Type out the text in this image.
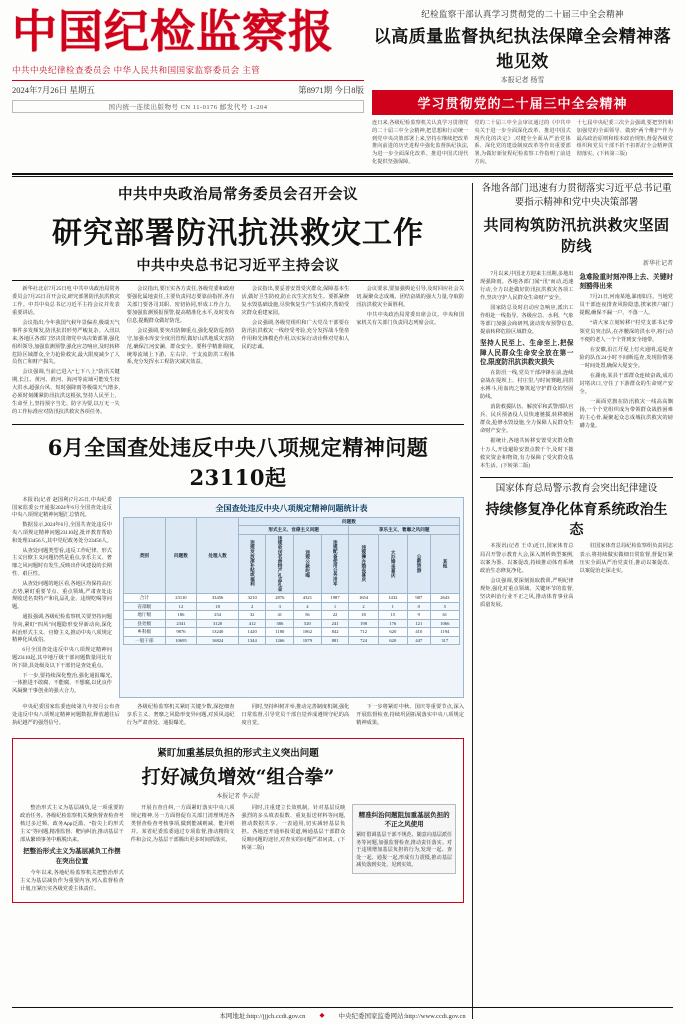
中国纪检监察报
中共中央纪律检查委员会 中华人民共和国国家监察委员会 主管
2024年7月26日 星期五	第8971期 今日8版
国内统一连续出版物号 CN 11-0176 邮发代号 1-204
纪检监察干部认真学习贯彻党的二十届三中全会精神
以高质量监督执纪执法保障全会精神落地见效
本报记者 杨雪
学习贯彻党的二十届三中全会精神
连日来,各级纪检监察机关认真学习贯彻党的二十届三中全会精神,把思想和行动统一到党中央决策部署上来,坚持在继续把改革推向前进的历史进程中强化监督执纪执法,为进一步全面深化改革、推进中国式现代化提供坚强保障。
党的二十届三中全会审议通过的《中共中央关于进一步全面深化改革、推进中国式现代化的决定》,对健全全面从严治党体系、深化党的建设制度改革等作出重要部署,为做好新征程纪检监察工作指明了前进方向。
十七届中央纪委三次全会强调,要把坚持和加强党的全面领导、做到“两个维护”作为最高政治原则和根本政治规矩,督促各级党组织和党员干部不折不扣抓好全会精神贯彻落实。(下转第三版)
中共中央政治局常务委员会召开会议
研究部署防汛抗洪救灾工作
中共中央总书记习近平主持会议
新华社北京7月25日电 中共中央政治局常务委员会7月25日召开会议,研究部署防汛抗洪救灾工作。中共中央总书记习近平主持会议并发表重要讲话。
会议指出,今年我国气候年景偏差,极端天气事件多发频发,防汛抗洪形势严峻复杂。入汛以来,各地区各部门坚决贯彻党中央决策部署,强化组织领导,加强监测预警,强化应急响应,及时转移危险区域群众,全力抢险救灾,最大限度减少了人员伤亡和财产损失。
会议强调,当前已进入“七下八上”防汛关键期,长江、黄河、淮河、海河等流域可能发生较大洪水,超强台风、短时强降雨等极端天气增多,必须时刻绷紧防汛抗洪这根弦,坚持人民至上、生命至上,坚持预字当先、防字为要,以万无一失的工作标准应对防汛抗洪救灾各项任务。
会议指出,要压实各方责任,各级党委和政府要强化属地责任,主要负责同志要靠前指挥,各有关部门要各司其职、密切协同,形成工作合力。要加强监测预报预警,提高精准化水平,及时发布信息,提醒群众做好防范。
会议强调,要突出防御重点,强化堤防巡查防守,加强水库安全度汛管理,做好山洪地质灾害防范,确保江河安澜、群众安全。要科学精准调度,统筹流域上下游、左右岸、干支流防洪工程体系,充分发挥水工程防灾减灾效益。
会议指出,要妥善安置受灾群众,保障基本生活,做好卫生防疫,防止次生灾害发生。要抓紧修复水毁基础设施,尽快恢复生产生活秩序,帮助受灾群众重建家园。
会议强调,各级党组织和广大党员干部要在防汛抗洪救灾一线经受考验,充分发挥战斗堡垒作用和先锋模范作用,以实际行动诠释对党和人民的忠诚。
会议要求,要加强舆论引导,及时回应社会关切,凝聚众志成城、团结奋战的强大力量,夺取防汛抗洪救灾全面胜利。
中共中央政治局常委出席会议。中央和国家机关有关部门负责同志列席会议。
6月全国查处违反中央八项规定精神问题23110起
本报讯(记者 赵国利)7月25日,中央纪委国家监委公开通报2024年6月全国查处违反中央八项规定精神问题汇总情况。
数据显示,2024年6月,全国共查处违反中央八项规定精神问题23110起,批评教育帮助和处理33456人,其中党纪政务处分23456人。
从查处问题类型看,违反工作纪律、形式主义官僚主义问题仍然是重点,享乐主义、奢靡之风问题时有发生,反映出作风建设的长期性、艰巨性。
从查处问题的地区看,各地区均保持高压态势,紧盯重要节点、重点领域,严肃查处违规收送名贵特产和礼品礼金、违规吃喝等问题。
通报强调,各级纪检监察机关要坚持问题导向,紧盯“四风”问题隐形变异新动向,深化纠治形式主义、官僚主义,推动中央八项规定精神化风成俗。
6月全国查处违反中央八项规定精神问题23110起,其中地厅级干部问题数量同比有所下降,县处级及以下干部仍是查处重点。
下一步,要持续深化整治,强化通报曝光,一体推进不敢腐、不能腐、不想腐,以优良作风凝聚干事创业的强大合力。
全国查处违反中央八项规定精神问题统计表
类别	问题数	处理人数	问题数							
			形式主义、官僚主义问题				享乐主义、奢靡之风问题			
			违规发放津补贴或福利	违规收送名贵特产礼品礼金	违规公款吃喝	违规配备使用公务用车	违规操办婚丧喜庆	大办婚丧喜庆	公款旅游	其他
合计	23110	33456	3210	2876	4321	1987	1654	1432	987	2643
省部级	12	18	2	3	4	1	2	1	0	5
地厅级	186	254	32	41	56	22	18	15	9	61
县处级	2341	3120	412	386	520	241	198	176	121	1066
乡科级	9876	13240	1420	1180	1862	842	712	620	410	1194
一般干部	10695	16824	1344	1266	1879	881	724	620	447	317
中央纪委国家监委连续第九年按月公布查处违反中央八项规定精神问题数据,释放越往后执纪越严的强烈信号。
各级纪检监察机关紧盯关键少数,深挖细查享乐主义、奢靡之风隐形变异问题,对顶风违纪行为严肃查处、通报曝光。
同时,坚持纠树并举,推动完善制度机制,强化日常监督,引导党员干部自觉养成遵规守纪的高度自觉。
下一步将紧盯中秋、国庆等重要节点,深入开展监督检查,持续巩固拓展落实中央八项规定精神成果。
紧盯加重基层负担的形式主义突出问题
打好减负增效“组合拳”
本报记者 李云舒
整治形式主义为基层减负,是一项重要的政治任务。各级纪检监察机关聚焦督查检查考核过多过频、政务App泛滥、“指尖上的形式主义”等问题,精准监督、靶向纠治,推动基层干部从繁琐事务中解脱出来。
把整治形式主义为基层减负工作摆在突出位置
今年以来,各地纪检监察机关把整治形式主义为基层减负作为重要内容,列入监督检查计划,压紧压实各级党委主体责任。
开展自查自纠,一方面紧盯落实中央八项规定精神,另一方面督促有关部门清理规范各类督查检查考核事项,做到能减则减、能并则并。某省纪委监委通过专项监督,推动精简文件和会议,为基层干部腾出更多时间抓落实。
同时,注重建立长效机制。针对基层反映强烈的多头填表报数、重复报送材料等问题,推动数据共享、一表通用,切实减轻基层负担。各地还开通举报渠道,畅通基层干部群众反映问题的途径,对查实的问题严肃问责。(下转第二版)
精准纠治问题阻加重基层负担的不正之风使用
紧盯借调基层干部不规范、随意向基层派任务等问题,加强监督检查,推动责任落实。对于违规增加基层负担的行为,发现一起、查处一起、通报一起,形成有力震慑,推动基层减负落到实处、见到实效。
各地各部门迅速有力贯彻落实习近平总书记重要指示精神和党中央决策部署
共同构筑防汛抗洪救灾坚固防线
新华社记者
7月以来,中国北方迎来主汛期,多地出现强降雨。各地各部门闻“汛”而动,迅速行动,全力以赴做好防汛抗洪救灾各项工作,坚决守护人民群众生命财产安全。
国家防总及时启动应急响应,派出工作组赴一线指导。各级应急、水利、气象等部门加强会商研判,滚动发布预警信息,提前转移危险区域群众。
坚持人民至上、生命至上,把保障人民群众生命安全放在第一位,限度防汛抗洪救灾损失
在防汛一线,党员干部冲锋在前,连续奋战在堤坝上、村庄里,与时间赛跑,同洪水搏斗,用血肉之躯筑起守护群众的坚固防线。
消防救援队伍、解放军和武警部队官兵、民兵预备役人员快速驰援,转移被困群众,抢修水毁设施,全力保障人民群众生命财产安全。
据统计,各地共转移安置受灾群众数十万人,开设避险安置点数千个,及时下拨救灾资金和物资,有力保障了受灾群众基本生活。(下转第二版)
急难险重时刻冲得上去、关键时刻豁得出来
7月21日,河南某地,暴雨如注。当地党员干部连夜排查风险隐患,挨家挨户敲门提醒,确保不漏一户、不落一人。
“请大家立刻转移!”村党支部书记带领党员突击队,在齐腰深的洪水中,将行动不便的老人一个个背到安全地带。
在安徽,沿江圩堤上灯火通明,巡堤查险的队伍24小时不间断巡查,发现险情第一时间处置,确保大堤安全。
在湖南,某县干部群众连续奋战,成功封堵决口,守住了下游群众的生命财产安全。
一面面党旗在防汛救灾一线高高飘扬,一个个党组织成为带领群众战胜困难的主心骨,凝聚起众志成城抗洪救灾的磅礴力量。
国家体育总局警示教育会突出纪律建设
持续修复净化体育系统政治生态
本报讯(记者 王卓)近日,国家体育总局召开警示教育大会,深入剖析典型案例,以案为鉴、以案促改,持续推动体育系统政治生态修复净化。
会议强调,要深刻汲取教训,严明纪律规矩,强化对重点领域、关键环节的监督,坚决纠治行业不正之风,推动体育事业高质量发展。
驻国家体育总局纪检监察组负责同志表示,将持续做实做细日常监督,督促压紧压实全面从严治党责任,推动以案促改、以案促治走深走实。
本网地址:http://jjjch.ccdi.gov.cn ◆ 中央纪委国家监委网站:http://www.ccdi.gov.cn
